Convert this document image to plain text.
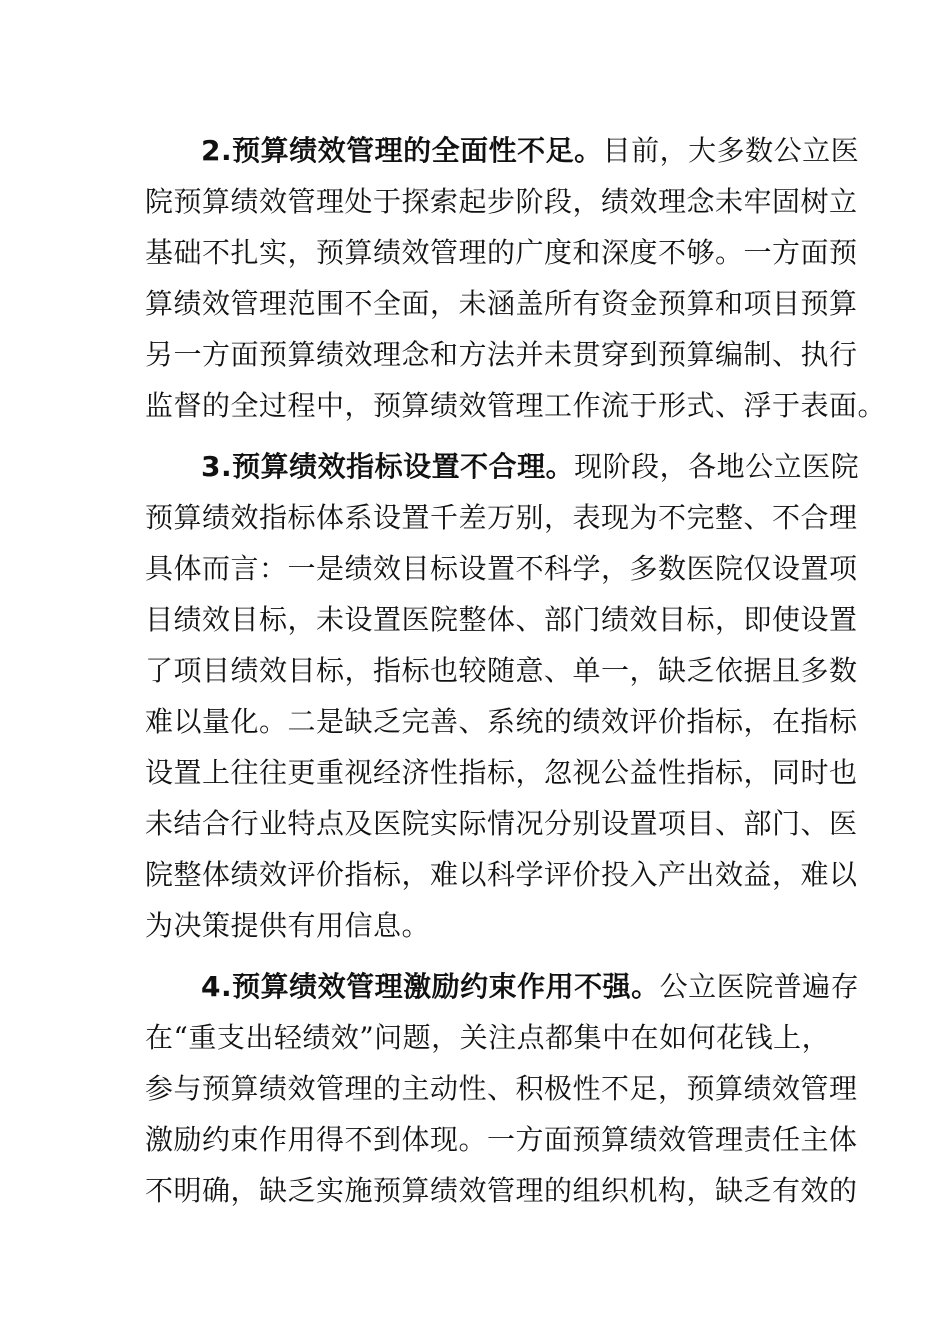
2.预算绩效管理的全面性不足。目前，大多数公立医
院预算绩效管理处于探索起步阶段，绩效理念未牢固树立
基础不扎实，预算绩效管理的广度和深度不够。一方面预
算绩效管理范围不全面，未涵盖所有资金预算和项目预算
另一方面预算绩效理念和方法并未贯穿到预算编制、执行
监督的全过程中，预算绩效管理工作流于形式、浮于表面。
3.预算绩效指标设置不合理。现阶段，各地公立医院
预算绩效指标体系设置千差万别，表现为不完整、不合理
具体而言：一是绩效目标设置不科学，多数医院仅设置项
目绩效目标，未设置医院整体、部门绩效目标，即使设置
了项目绩效目标，指标也较随意、单一，缺乏依据且多数
难以量化。二是缺乏完善、系统的绩效评价指标，在指标
设置上往往更重视经济性指标，忽视公益性指标，同时也
未结合行业特点及医院实际情况分别设置项目、部门、医
院整体绩效评价指标，难以科学评价投入产出效益，难以
为决策提供有用信息。
4.预算绩效管理激励约束作用不强。公立医院普遍存
在“重支出轻绩效”问题，关注点都集中在如何花钱上，
参与预算绩效管理的主动性、积极性不足，预算绩效管理
激励约束作用得不到体现。一方面预算绩效管理责任主体
不明确，缺乏实施预算绩效管理的组织机构，缺乏有效的
